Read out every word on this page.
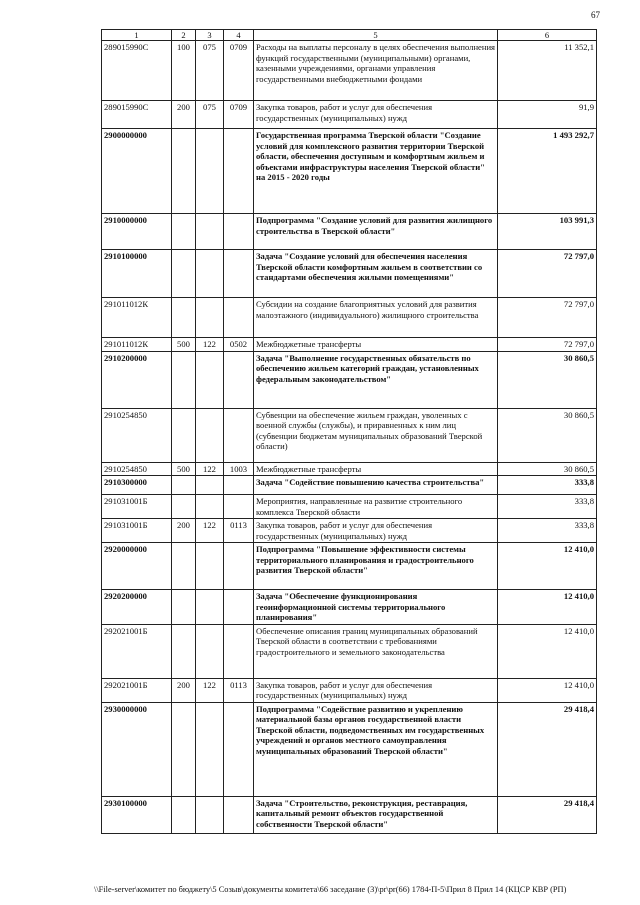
67
1	2	3	4	5	6
289015990С	100	075	0709	Расходы на выплаты персоналу в целях обеспечения выполнения функций государственными (муниципальными) органами, казенными учреждениями, органами управления государственными внебюджетными фондами	11 352,1
289015990С	200	075	0709	Закупка товаров, работ и услуг для обеспечения государственных (муниципальных) нужд	91,9
2900000000				Государственная программа Тверской области "Создание условий для комплексного развития территории Тверской области, обеспечения доступным и комфортным жильем и объектами инфраструктуры населения Тверской области" на 2015 - 2020 годы	1 493 292,7
2910000000				Подпрограмма "Создание условий для развития жилищного строительства в Тверской области"	103 991,3
2910100000				Задача "Создание условий для обеспечения населения Тверской области комфортным жильем в соответствии со стандартами обеспечения жилыми помещениями"	72 797,0
291011012К				Субсидии на создание благоприятных условий для развития малоэтажного (индивидуального) жилищного строительства	72 797,0
291011012К	500	122	0502	Межбюджетные трансферты	72 797,0
2910200000				Задача "Выполнение государственных обязательств по обеспечению жильем категорий граждан, установленных федеральным законодательством"	30 860,5
2910254850				Субвенции на обеспечение жильем граждан, уволенных с военной службы (службы), и приравненных к ним лиц (субвенции бюджетам муниципальных образований Тверской области)	30 860,5
2910254850	500	122	1003	Межбюджетные трансферты	30 860,5
2910300000				Задача "Содействие повышению качества строительства"	333,8
291031001Б				Мероприятия, направленные на развитие строительного комплекса Тверской области	333,8
291031001Б	200	122	0113	Закупка товаров, работ и услуг для обеспечения государственных (муниципальных) нужд	333,8
2920000000				Подпрограмма "Повышение эффективности системы территориального планирования и градостроительного развития Тверской области"	12 410,0
2920200000				Задача "Обеспечение функционирования геоинформационной системы территориального планирования"	12 410,0
292021001Б				Обеспечение описания границ муниципальных образований Тверской области в соответствии с требованиями градостроительного и земельного законодательства	12 410,0
292021001Б	200	122	0113	Закупка товаров, работ и услуг для обеспечения государственных (муниципальных) нужд	12 410,0
2930000000				Подпрограмма "Содействие развитию и укреплению материальной базы органов государственной власти Тверской области, подведомственных им государственных учреждений и органов местного самоуправления муниципальных образований Тверской области"	29 418,4
2930100000				Задача "Строительство, реконструкция, реставрация, капитальный ремонт объектов государственной собственности Тверской области"	29 418,4
\\File-server\комитет по бюджету\5 Созыв\документы комитета\66 заседание (3)\pr\pr(66) 1784-П-5\Прил 8 Прил 14 (КЦСР КВР (РП)
